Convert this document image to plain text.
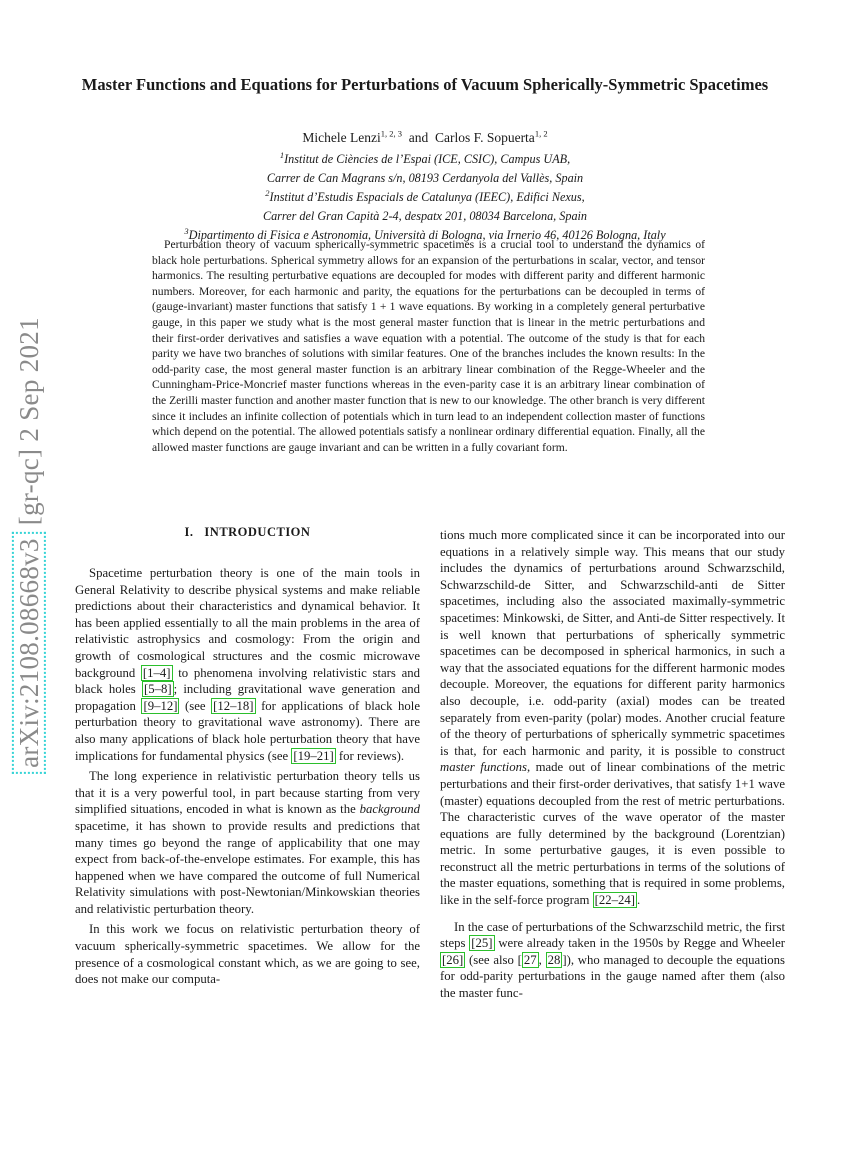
arXiv:2108.08668v3 [gr-qc] 2 Sep 2021
Master Functions and Equations for Perturbations of Vacuum Spherically-Symmetric Spacetimes
Michele Lenzi$^{1, 2, 3}$ and Carlos F. Sopuerta$^{1, 2}$
$^1$Institut de Ciències de l’Espai (ICE, CSIC), Campus UAB,
Carrer de Can Magrans s/n, 08193 Cerdanyola del Vallès, Spain
$^2$Institut d’Estudis Espacials de Catalunya (IEEC), Edifici Nexus,
Carrer del Gran Capità 2-4, despatx 201, 08034 Barcelona, Spain
$^3$Dipartimento di Fisica e Astronomia, Università di Bologna, via Irnerio 46, 40126 Bologna, Italy
Perturbation theory of vacuum spherically-symmetric spacetimes is a crucial tool to understand the dynamics of black hole perturbations. Spherical symmetry allows for an expansion of the perturbations in scalar, vector, and tensor harmonics. The resulting perturbative equations are decoupled for modes with different parity and different harmonic numbers. Moreover, for each harmonic and parity, the equations for the perturbations can be decoupled in terms of (gauge-invariant) master functions that satisfy 1 + 1 wave equations. By working in a completely general perturbative gauge, in this paper we study what is the most general master function that is linear in the metric perturbations and their first-order derivatives and satisfies a wave equation with a potential. The outcome of the study is that for each parity we have two branches of solutions with similar features. One of the branches includes the known results: In the odd-parity case, the most general master function is an arbitrary linear combination of the Regge-Wheeler and the Cunningham-Price-Moncrief master functions whereas in the even-parity case it is an arbitrary linear combination of the Zerilli master function and another master function that is new to our knowledge. The other branch is very different since it includes an infinite collection of potentials which in turn lead to an independent collection master of functions which depend on the potential. The allowed potentials satisfy a nonlinear ordinary differential equation. Finally, all the allowed master functions are gauge invariant and can be written in a fully covariant form.
I. INTRODUCTION

Spacetime perturbation theory is one of the main tools in General Relativity to describe physical systems and make reliable predictions about their characteristics and dynamical behavior. It has been applied essentially to all the main problems in the area of relativistic astrophysics and cosmology: From the origin and growth of cosmological structures and the cosmic microwave background [1–4] to phenomena involving relativistic stars and black holes [5–8] ; including gravitational wave generation and propagation [9–12] (see [12–18] for applications of black hole perturbation theory to gravitational wave astronomy). There are also many applications of black hole perturbation theory that have implications for fundamental physics (see [19–21] for reviews).

The long experience in relativistic perturbation theory tells us that it is a very powerful tool, in part because starting from very simplified situations, encoded in what is known as the background spacetime, it has shown to provide results and predictions that many times go beyond the range of applicability that one may expect from back-of-the-envelope estimates. For example, this has happened when we have compared the outcome of full Numerical Relativity simulations with post-Newtonian/Minkowskian theories and relativistic perturbation theory.

In this work we focus on relativistic perturbation theory of vacuum spherically-symmetric spacetimes. We allow for the presence of a cosmological constant which, as we are going to see, does not make our computa-

tions much more complicated since it can be incorporated into our equations in a relatively simple way. This means that our study includes the dynamics of perturbations around Schwarzschild, Schwarzschild-de Sitter, and Schwarzschild-anti de Sitter spacetimes, including also the associated maximally-symmetric spacetimes: Minkowski, de Sitter, and Anti-de Sitter respectively. It is well known that perturbations of spherically symmetric spacetimes can be decomposed in spherical harmonics, in such a way that the associated equations for the different harmonic modes decouple. Moreover, the equations for different parity harmonics also decouple, i.e. odd-parity (axial) modes can be treated separately from even-parity (polar) modes. Another crucial feature of the theory of perturbations of spherically symmetric spacetimes is that, for each harmonic and parity, it is possible to construct master functions, made out of linear combinations of the metric perturbations and their first-order derivatives, that satisfy 1+1 wave (master) equations decoupled from the rest of metric perturbations. The characteristic curves of the wave operator of the master equations are fully determined by the background (Lorentzian) metric. In some perturbative gauges, it is even possible to reconstruct all the metric perturbations in terms of the solutions of the master equations, something that is required in some problems, like in the self-force program [22–24] .

In the case of perturbations of the Schwarzschild metric, the first steps [25] were already taken in the 1950s by Regge and Wheeler [26] (see also [ 27 , 28 ]), who managed to decouple the equations for odd-parity perturbations in the gauge named after them (also the master func-
